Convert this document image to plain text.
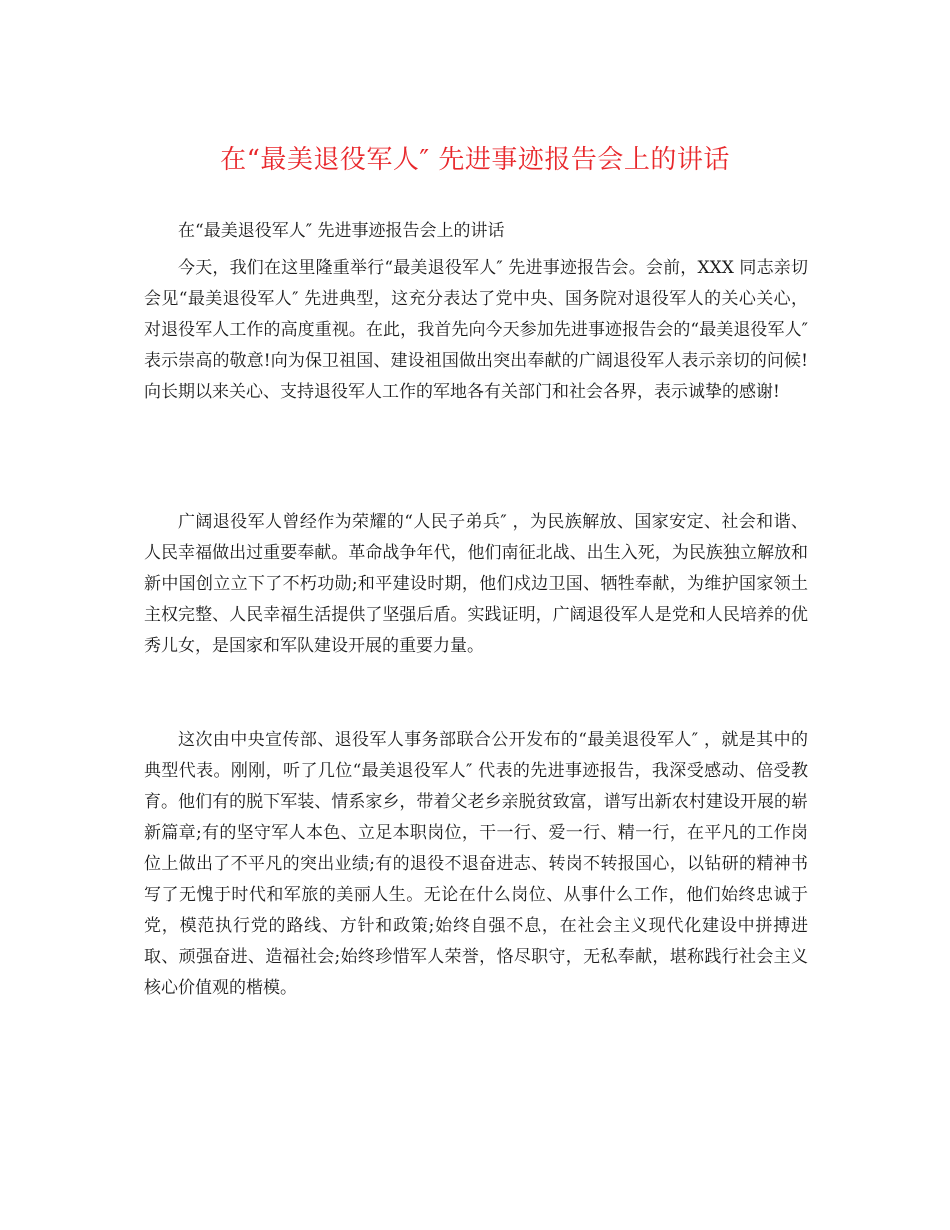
在“最美退役军人″ 先进事迹报告会上的讲话

在“最美退役军人″ 先进事迹报告会上的讲话

今天，我们在这里隆重举行“最美退役军人″ 先进事迹报告会。会前，XXX 同志亲切会见“最美退役军人″ 先进典型，这充分表达了党中央、国务院对退役军人的关心关心，对退役军人工作的高度重视。在此，我首先向今天参加先进事迹报告会的“最美退役军人″ 表示崇高的敬意!向为保卫祖国、建设祖国做出突出奉献的广阔退役军人表示亲切的问候!向长期以来关心、支持退役军人工作的军地各有关部门和社会各界，表示诚挚的感谢!

广阔退役军人曾经作为荣耀的“人民子弟兵″ ，为民族解放、国家安定、社会和谐、人民幸福做出过重要奉献。革命战争年代，他们南征北战、出生入死，为民族独立解放和新中国创立立下了不朽功勋;和平建设时期，他们戍边卫国、牺牲奉献，为维护国家领土主权完整、人民幸福生活提供了坚强后盾。实践证明，广阔退役军人是党和人民培养的优秀儿女，是国家和军队建设开展的重要力量。

这次由中央宣传部、退役军人事务部联合公开发布的“最美退役军人″ ，就是其中的典型代表。刚刚，听了几位“最美退役军人″ 代表的先进事迹报告，我深受感动、倍受教育。他们有的脱下军装、情系家乡，带着父老乡亲脱贫致富，谱写出新农村建设开展的崭新篇章;有的坚守军人本色、立足本职岗位，干一行、爱一行、精一行，在平凡的工作岗位上做出了不平凡的突出业绩;有的退役不退奋进志、转岗不转报国心，以钻研的精神书写了无愧于时代和军旅的美丽人生。无论在什么岗位、从事什么工作，他们始终忠诚于党，模范执行党的路线、方针和政策;始终自强不息，在社会主义现代化建设中拼搏进取、顽强奋进、造福社会;始终珍惜军人荣誉，恪尽职守，无私奉献，堪称践行社会主义核心价值观的楷模。
